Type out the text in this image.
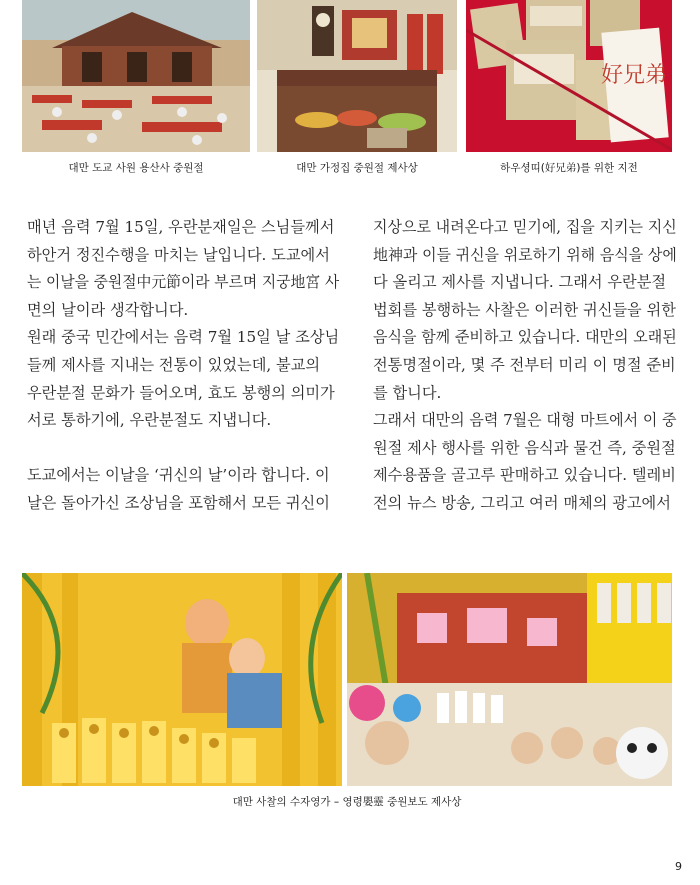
대만 도교 사원 용산사 중원절	대만 가정집 중원절 제사상
好兄弟
하우셩띠(好兄弟)를 위한 지전
매년 음력 7월 15일, 우란분재일은 스님들께서
하안거 정진수행을 마치는 날입니다. 도교에서
는 이날을 중원절中元節이라 부르며 지궁地宮 사
면의 날이라 생각합니다.
원래 중국 민간에서는 음력 7월 15일 날 조상님
들께 제사를 지내는 전통이 있었는데, 불교의
우란분절 문화가 들어오며, 효도 봉행의 의미가
서로 통하기에, 우란분절도 지냅니다.
도교에서는 이날을 ‘귀신의 날’이라 합니다. 이
날은 돌아가신 조상님을 포함해서 모든 귀신이
지상으로 내려온다고 믿기에, 집을 지키는 지신
地神과 이들 귀신을 위로하기 위해 음식을 상에
다 올리고 제사를 지냅니다. 그래서 우란분절
법회를 봉행하는 사찰은 이러한 귀신들을 위한
음식을 함께 준비하고 있습니다. 대만의 오래된
전통명절이라, 몇 주 전부터 미리 이 명절 준비
를 합니다.
그래서 대만의 음력 7월은 대형 마트에서 이 중
원절 제사 행사를 위한 음식과 물건 즉, 중원절
제수용품을 골고루 판매하고 있습니다. 텔레비
전의 뉴스 방송, 그리고 여러 매체의 광고에서
대만 사찰의 수자영가 – 영령嬰靈 중원보도 제사상
9
